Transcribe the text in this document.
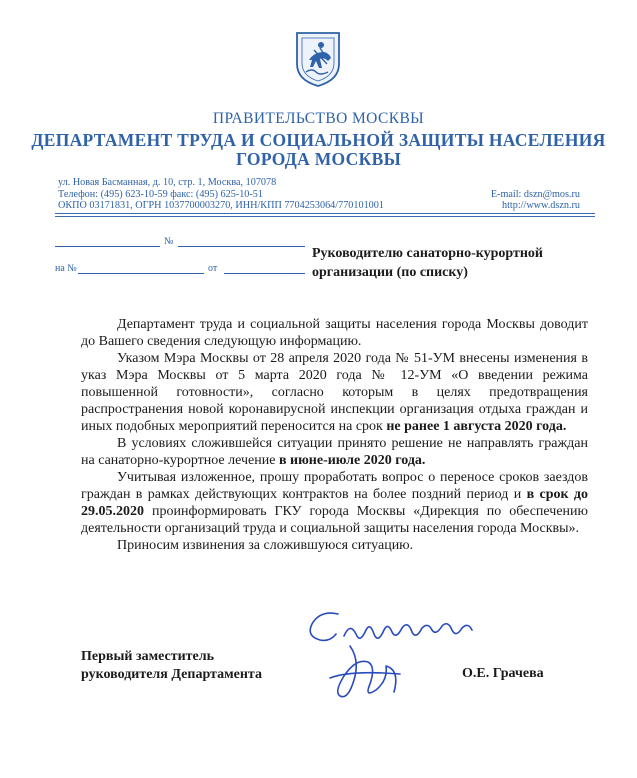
ПРАВИТЕЛЬСТВО МОСКВЫ
ДЕПАРТАМЕНТ ТРУДА И СОЦИАЛЬНОЙ ЗАЩИТЫ НАСЕЛЕНИЯ
ГОРОДА МОСКВЫ
ул. Новая Басманная, д. 10, стр. 1, Москва, 107078
Телефон: (495) 623-10-59 факс: (495) 625-10-51
ОКПО 03171831, ОГРН 1037700003270, ИНН/КПП 7704253064/770101001
E-mail: dszn@mos.ru
http://www.dszn.ru
№
на №	от
Руководителю санаторно-курортной
организации (по списку)

Департамент труда и социальной защиты населения города Москвы доводит до Вашего сведения следующую информацию.

Указом Мэра Москвы от 28 апреля 2020 года № 51-УМ внесены изменения в указ Мэра Москвы от 5 марта 2020 года № 12-УМ «О введении режима повышенной готовности», согласно которым в целях предотвращения распространения новой коронавирусной инспекции организация отдыха граждан и иных подобных мероприятий переносится на срок не ранее 1 августа 2020 года.

В условиях сложившейся ситуации принято решение не направлять граждан на санаторно-курортное лечение в июне-июле 2020 года.

Учитывая изложенное, прошу проработать вопрос о переносе сроков заездов граждан в рамках действующих контрактов на более поздний период и в срок до 29.05.2020 проинформировать ГКУ города Москвы «Дирекция по обеспечению деятельности организаций труда и социальной защиты населения города Москвы».

Приносим извинения за сложившуюся ситуацию.

Первый заместитель
руководителя Департамента	О.Е. Грачева
